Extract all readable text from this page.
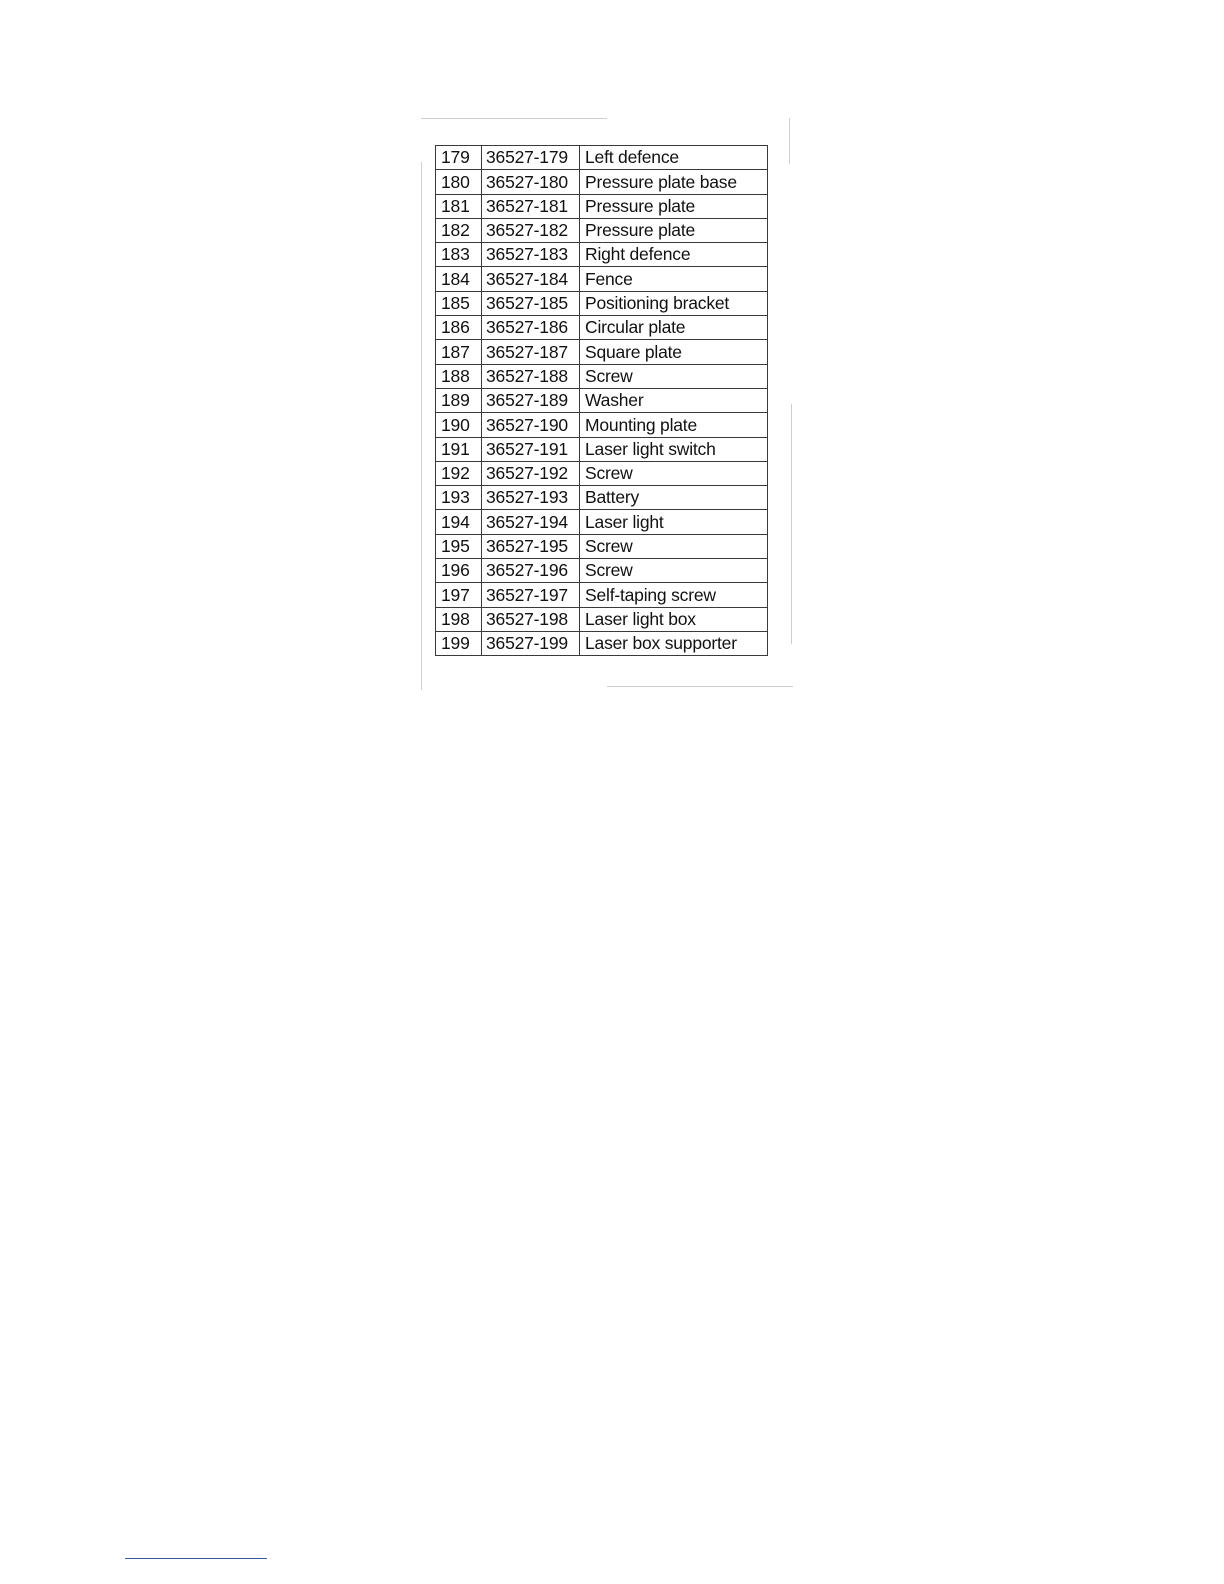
179	36527-179	Left defence
180	36527-180	Pressure plate base
181	36527-181	Pressure plate
182	36527-182	Pressure plate
183	36527-183	Right defence
184	36527-184	Fence
185	36527-185	Positioning bracket
186	36527-186	Circular plate
187	36527-187	Square plate
188	36527-188	Screw
189	36527-189	Washer
190	36527-190	Mounting plate
191	36527-191	Laser light switch
192	36527-192	Screw
193	36527-193	Battery
194	36527-194	Laser light
195	36527-195	Screw
196	36527-196	Screw
197	36527-197	Self-taping screw
198	36527-198	Laser light box
199	36527-199	Laser box supporter
